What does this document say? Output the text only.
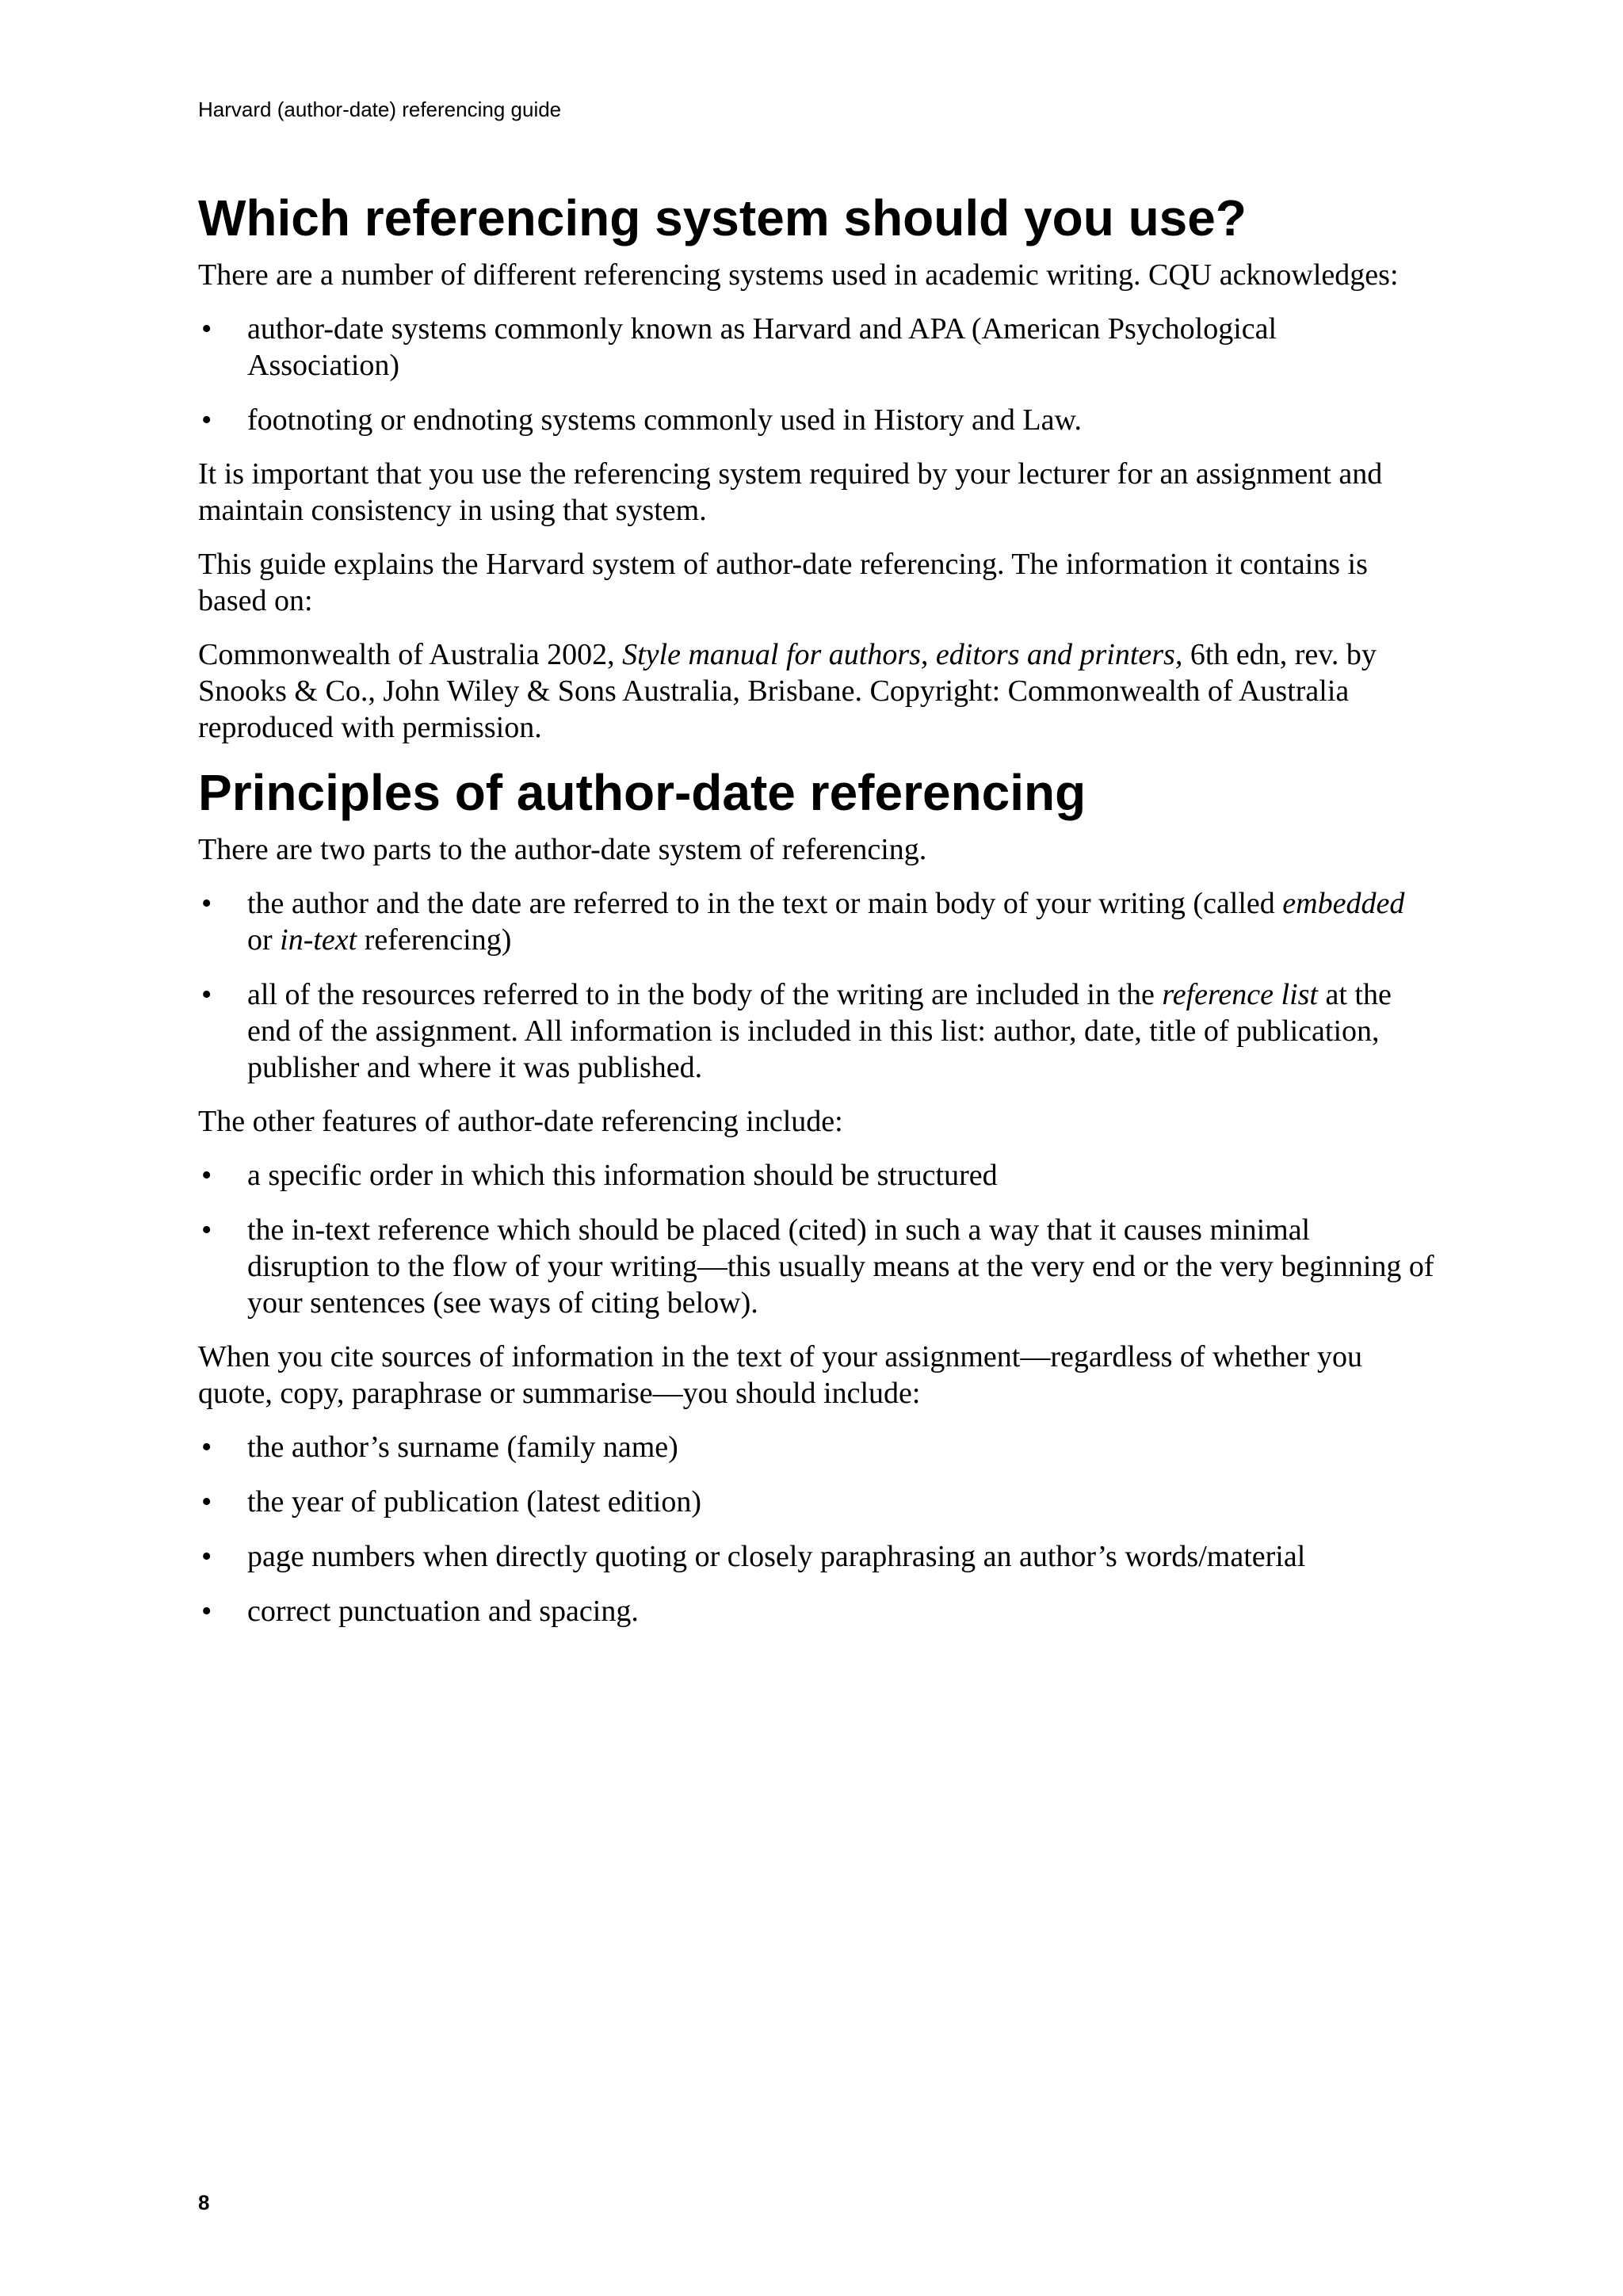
Harvard (author-date) referencing guide
Which referencing system should you use?

There are a number of different referencing systems used in academic writing. CQU acknowledges:

• author-date systems commonly known as Harvard and APA (American Psychological Association)
• footnoting or endnoting systems commonly used in History and Law.

It is important that you use the referencing system required by your lecturer for an assignment and maintain consistency in using that system.

This guide explains the Harvard system of author-date referencing. The information it contains is based on:

Commonwealth of Australia 2002, Style manual for authors, editors and printers, 6th edn, rev. by Snooks & Co., John Wiley & Sons Australia, Brisbane. Copyright: Commonwealth of Australia reproduced with permission.

Principles of author-date referencing

There are two parts to the author-date system of referencing.

• the author and the date are referred to in the text or main body of your writing (called embedded or in-text referencing)
• all of the resources referred to in the body of the writing are included in the reference list at the end of the assignment. All information is included in this list: author, date, title of publication, publisher and where it was published.

The other features of author-date referencing include:

• a specific order in which this information should be structured
• the in-text reference which should be placed (cited) in such a way that it causes minimal disruption to the flow of your writing—this usually means at the very end or the very beginning of your sentences (see ways of citing below).

When you cite sources of information in the text of your assignment—regardless of whether you quote, copy, paraphrase or summarise—you should include:

• the author’s surname (family name)
• the year of publication (latest edition)
• page numbers when directly quoting or closely paraphrasing an author’s words/material
• correct punctuation and spacing.
8
